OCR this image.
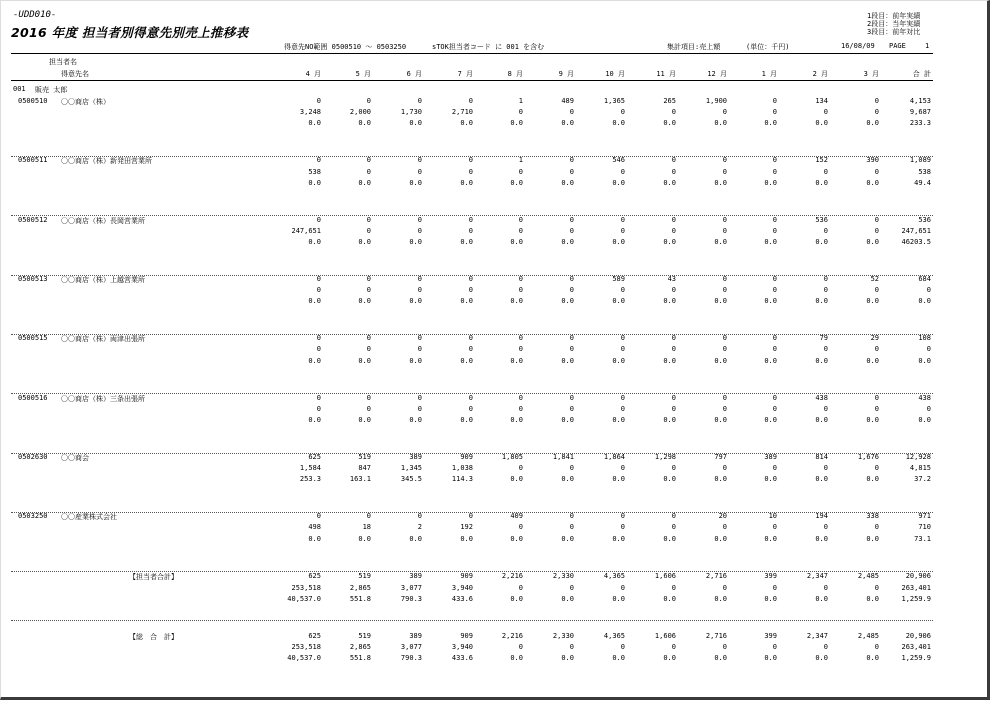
-UDD010-
2016 年度 担当者別得意先別売上推移表
1段目：前年実績
2段目：当年実績
3段目：前年対比
得意先NO範囲 0500510 〜 0503250	sTOK担当者コード に 001 を含む	集計項目:売上額	(単位：千円)	16/08/09 PAGE	1
担当者名
得意先名	4 月	5 月	6 月	7 月	8 月	9 月	10 月	11 月	12 月	1 月	2 月	3 月	合 計
001 販売 太郎
0500510 〇〇商店（株）	0	0	0	0	1	489	1,365	265	1,900	0	134	0	4,153
3,248	2,000	1,730	2,710	0	0	0	0	0	0	0	0	9,687
0.0	0.0	0.0	0.0	0.0	0.0	0.0	0.0	0.0	0.0	0.0	0.0	233.3
0500511 〇〇商店（株）新発田営業所	0	0	0	0	1	0	546	0	0	0	152	390	1,089
538	0	0	0	0	0	0	0	0	0	0	0	538
0.0	0.0	0.0	0.0	0.0	0.0	0.0	0.0	0.0	0.0	0.0	0.0	49.4
0500512 〇〇商店（株）長岡営業所	0	0	0	0	0	0	0	0	0	0	536	0	536
247,651	0	0	0	0	0	0	0	0	0	0	0	247,651
0.0	0.0	0.0	0.0	0.0	0.0	0.0	0.0	0.0	0.0	0.0	0.0	46203.5
0500513 〇〇商店（株）上越営業所	0	0	0	0	0	0	589	43	0	0	0	52	684
0	0	0	0	0	0	0	0	0	0	0	0	0
0.0	0.0	0.0	0.0	0.0	0.0	0.0	0.0	0.0	0.0	0.0	0.0	0.0
0500515 〇〇商店（株）両津出張所	0	0	0	0	0	0	0	0	0	0	79	29	108
0	0	0	0	0	0	0	0	0	0	0	0	0
0.0	0.0	0.0	0.0	0.0	0.0	0.0	0.0	0.0	0.0	0.0	0.0	0.0
0500516 〇〇商店（株）三条出張所	0	0	0	0	0	0	0	0	0	0	438	0	438
0	0	0	0	0	0	0	0	0	0	0	0	0
0.0	0.0	0.0	0.0	0.0	0.0	0.0	0.0	0.0	0.0	0.0	0.0	0.0
0502630 〇〇商会	625	519	389	909	1,805	1,841	1,864	1,298	797	389	814	1,676	12,928
1,584	847	1,345	1,038	0	0	0	0	0	0	0	0	4,815
253.3	163.1	345.5	114.3	0.0	0.0	0.0	0.0	0.0	0.0	0.0	0.0	37.2
0503250 〇〇産業株式会社	0	0	0	0	409	0	0	0	20	10	194	338	971
498	18	2	192	0	0	0	0	0	0	0	0	710
0.0	0.0	0.0	0.0	0.0	0.0	0.0	0.0	0.0	0.0	0.0	0.0	73.1
【担当者合計】	625	519	389	909	2,216	2,330	4,365	1,606	2,716	399	2,347	2,485	20,906
253,518	2,865	3,077	3,940	0	0	0	0	0	0	0	0	263,401
40,537.0	551.8	790.3	433.6	0.0	0.0	0.0	0.0	0.0	0.0	0.0	0.0	1,259.9
【総　合　計】	625	519	389	909	2,216	2,330	4,365	1,606	2,716	399	2,347	2,485	20,906
253,518	2,865	3,077	3,940	0	0	0	0	0	0	0	0	263,401
40,537.0	551.8	790.3	433.6	0.0	0.0	0.0	0.0	0.0	0.0	0.0	0.0	1,259.9
